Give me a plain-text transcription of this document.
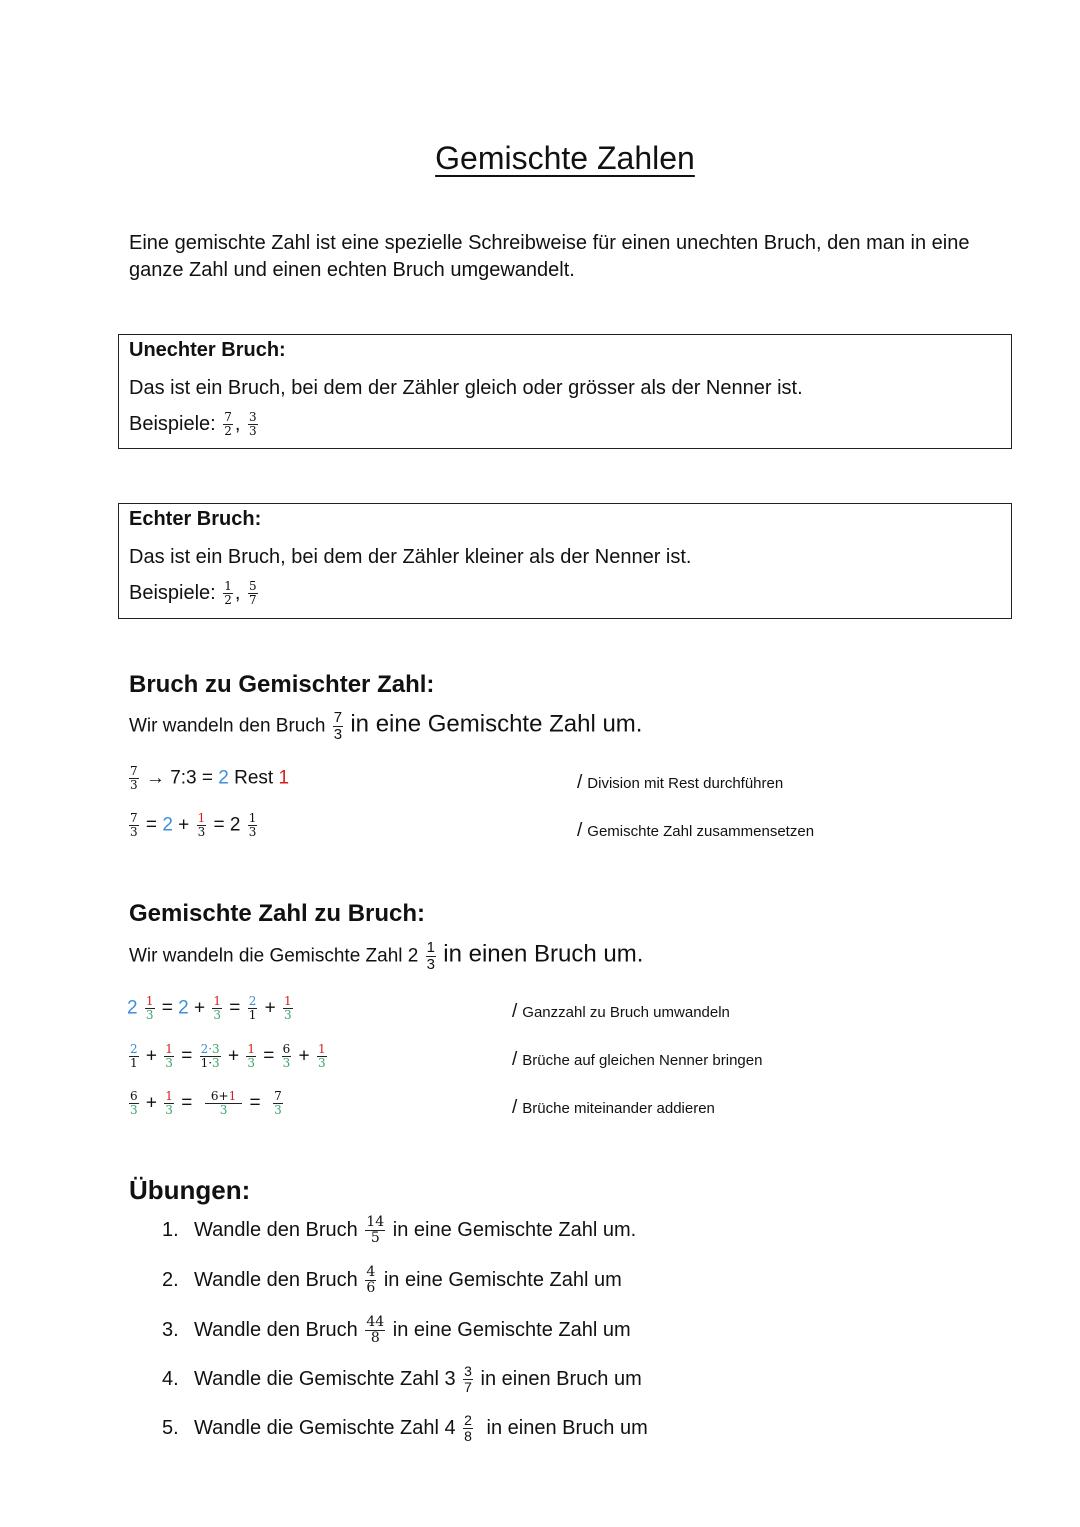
Gemischte Zahlen
Eine gemischte Zahl ist eine spezielle Schreibweise für einen unechten Bruch, den man in eine ganze Zahl und einen echten Bruch umgewandelt.
Unechter Bruch:
Das ist ein Bruch, bei dem der Zähler gleich oder grösser als der Nenner ist.
Beispiele: $\frac{7}{2}$ , $\frac{3}{3}$
Echter Bruch:
Das ist ein Bruch, bei dem der Zähler kleiner als der Nenner ist.
Beispiele: $\frac{1}{2}$ , $\frac{5}{7}$
Bruch zu Gemischter Zahl:
Wir wandeln den Bruch $\frac{7}{3}$ in eine Gemischte Zahl um.
$\frac{7}{3}$ → 7:3 = 2 Rest 1	/ Division mit Rest durchführen
$\frac{7}{3} = 2 + \frac{1}{3} = 2 \frac{1}{3}$	/ Gemischte Zahl zusammensetzen
Gemischte Zahl zu Bruch:
Wir wandeln die Gemischte Zahl $2 \frac{1}{3}$ in einen Bruch um.
$2 \frac{1}{3} = 2 + \frac{1}{3} = \frac{2}{1} + \frac{1}{3}$	/ Ganzzahl zu Bruch umwandeln
$\frac{2}{1} + \frac{1}{3} = \frac{2\cdot 3}{1\cdot 3} + \frac{1}{3} = \frac{6}{3} + \frac{1}{3}$	/ Brüche auf gleichen Nenner bringen
$\frac{6}{3} + \frac{1}{3} = \frac{6+1}{3} = \frac{7}{3}$	/ Brüche miteinander addieren
Übungen:
1. Wandle den Bruch $\frac{14}{5}$ in eine Gemischte Zahl um.
2. Wandle den Bruch $\frac{4}{6}$ in eine Gemischte Zahl um
3. Wandle den Bruch $\frac{44}{8}$ in eine Gemischte Zahl um
4. Wandle die Gemischte Zahl $3 \frac{3}{7}$ in einen Bruch um
5. Wandle die Gemischte Zahl $4 \frac{2}{8}$ in einen Bruch um
